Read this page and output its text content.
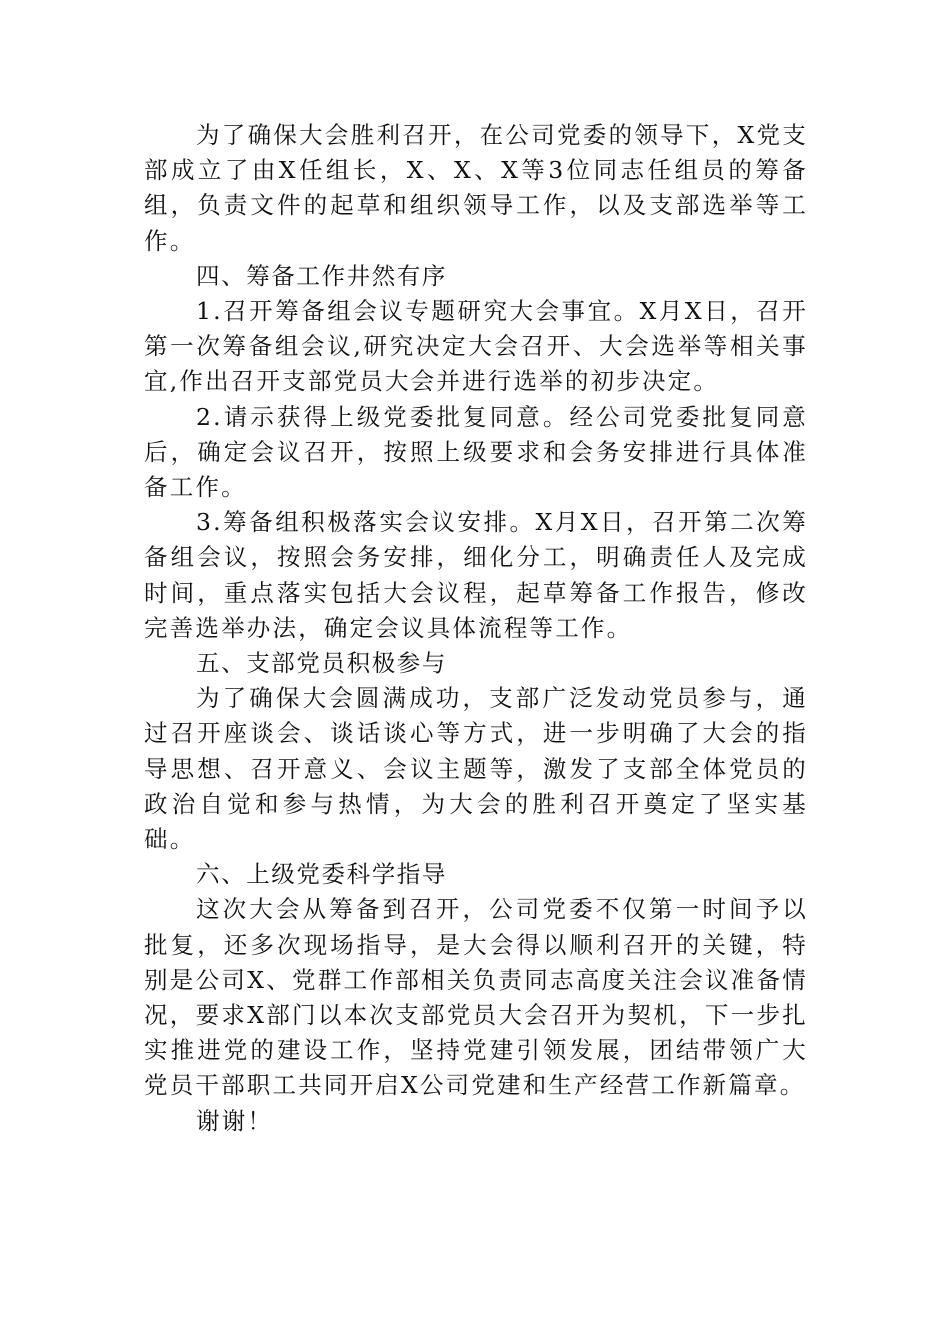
为了确保大会胜利召开，在公司党委的领导下，X党支部成立了由X任组长，X、X、X等3位同志任组员的筹备组，负责文件的起草和组织领导工作，以及支部选举等工作。

四、筹备工作井然有序

1.召开筹备组会议专题研究大会事宜。X月X日，召开第一次筹备组会议,研究决定大会召开、大会选举等相关事宜,作出召开支部党员大会并进行选举的初步决定。

2.请示获得上级党委批复同意。经公司党委批复同意后，确定会议召开，按照上级要求和会务安排进行具体准备工作。

3.筹备组积极落实会议安排。X月X日，召开第二次筹备组会议，按照会务安排，细化分工，明确责任人及完成时间，重点落实包括大会议程，起草筹备工作报告，修改完善选举办法，确定会议具体流程等工作。

五、支部党员积极参与

为了确保大会圆满成功，支部广泛发动党员参与，通过召开座谈会、谈话谈心等方式，进一步明确了大会的指导思想、召开意义、会议主题等，激发了支部全体党员的政治自觉和参与热情，为大会的胜利召开奠定了坚实基础。

六、上级党委科学指导

这次大会从筹备到召开，公司党委不仅第一时间予以批复，还多次现场指导，是大会得以顺利召开的关键，特别是公司X、党群工作部相关负责同志高度关注会议准备情况，要求X部门以本次支部党员大会召开为契机，下一步扎实推进党的建设工作，坚持党建引领发展，团结带领广大党员干部职工共同开启X公司党建和生产经营工作新篇章。

谢谢！
